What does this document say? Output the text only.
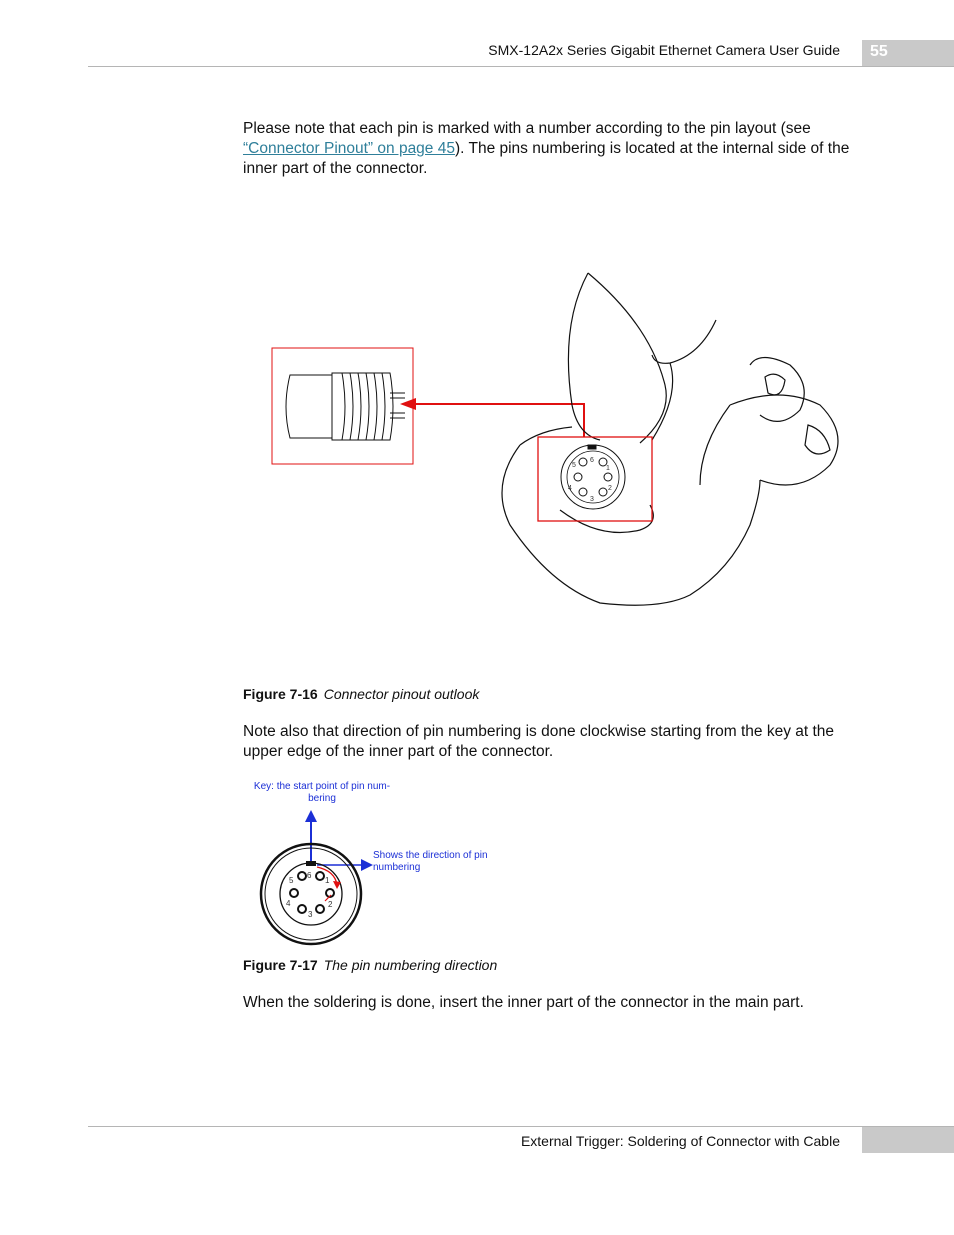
SMX-12A2x Series Gigabit Ethernet Camera User Guide 55
Please note that each pin is marked with a number according to the pin layout (see “Connector Pinout” on page 45). The pins numbering is located at the internal side of the inner part of the connector.
6
1
2
3
4
5
Figure 7-16 Connector pinout outlook
Note also that direction of pin numbering is done clockwise starting from the key at the upper edge of the inner part of the connector.
Key: the start point of pin num-bering
Shows the direction of pin numbering
6
1
2
3
4
5
Figure 7-17 The pin numbering direction
When the soldering is done, insert the inner part of the connector in the main part.
External Trigger: Soldering of Connector with Cable
